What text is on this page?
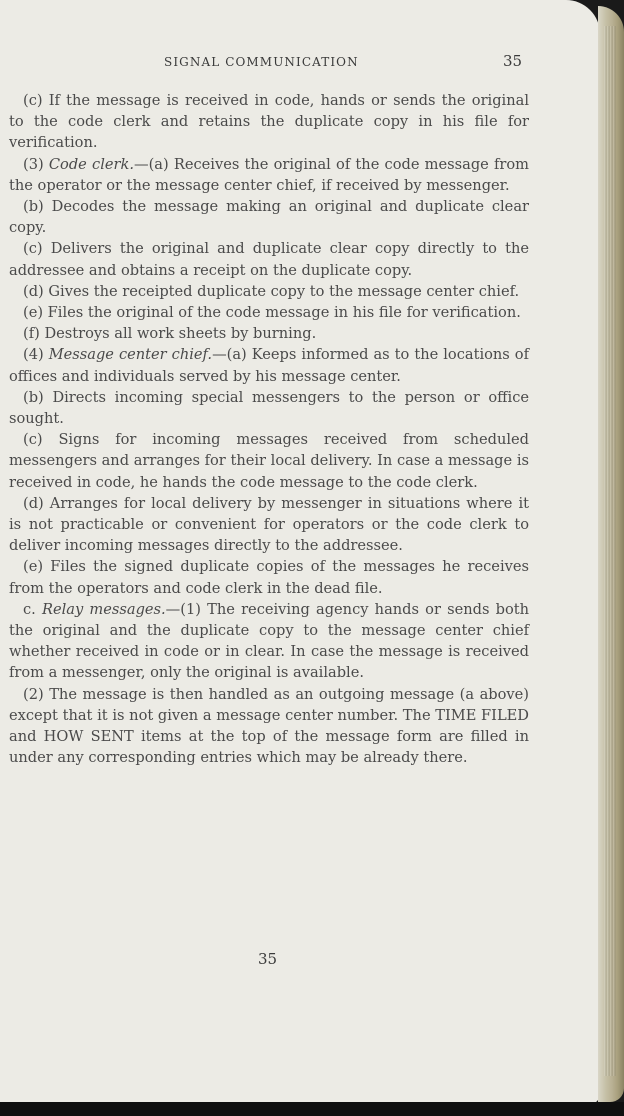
SIGNAL COMMUNICATION	35

(c) If the message is received in code, hands or sends the original to the code clerk and retains the duplicate copy in his file for verification.

(3) Code clerk.—(a) Receives the original of the code message from the operator or the message center chief, if received by messenger.

(b) Decodes the message making an original and duplicate clear copy.

(c) Delivers the original and duplicate clear copy directly to the addressee and obtains a receipt on the duplicate copy.

(d) Gives the receipted duplicate copy to the message center chief.

(e) Files the original of the code message in his file for verification.

(f) Destroys all work sheets by burning.

(4) Message center chief.—(a) Keeps informed as to the locations of offices and individuals served by his message center.

(b) Directs incoming special messengers to the person or office sought.

(c) Signs for incoming messages received from scheduled messengers and arranges for their local delivery. In case a message is received in code, he hands the code message to the code clerk.

(d) Arranges for local delivery by messenger in situations where it is not practicable or convenient for operators or the code clerk to deliver incoming messages directly to the addressee.

(e) Files the signed duplicate copies of the messages he receives from the operators and code clerk in the dead file.

c. Relay messages.—(1) The receiving agency hands or sends both the original and the duplicate copy to the message center chief whether received in code or in clear. In case the message is received from a messenger, only the original is available.

(2) The message is then handled as an outgoing message (a above) except that it is not given a message center number. The TIME FILED and HOW SENT items at the top of the message form are filled in under any corresponding entries which may be already there.

35
